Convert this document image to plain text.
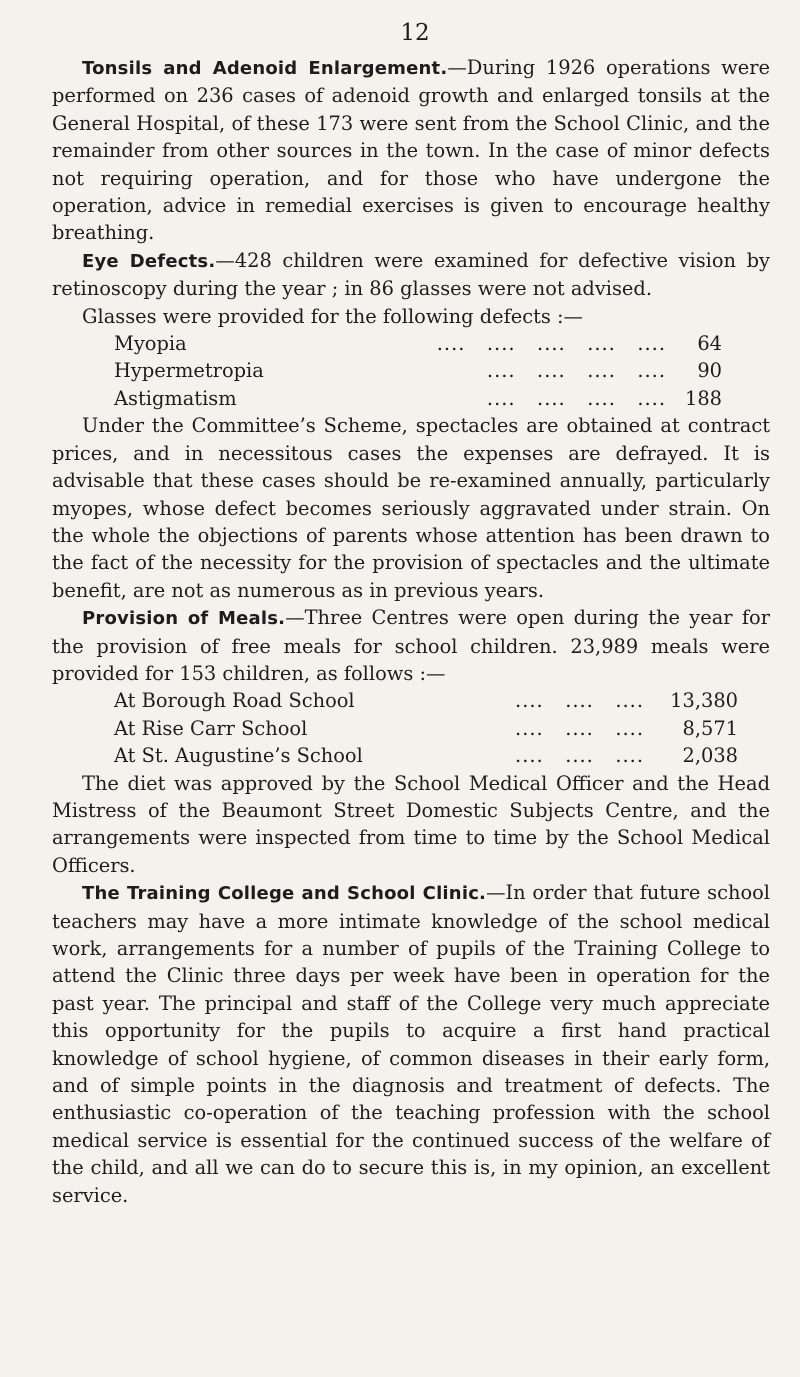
12

Tonsils and Adenoid Enlargement.—During 1926 operations were performed on 236 cases of adenoid growth and enlarged tonsils at the General Hospital, of these 173 were sent from the School Clinic, and the remainder from other sources in the town. In the case of minor defects not requiring operation, and for those who have undergone the operation, advice in remedial exercises is given to encourage healthy breathing.

Eye Defects.—428 children were examined for defective vision by retinoscopy during the year ; in 86 glasses were not advised.

Glasses were provided for the following defects :—

Myopia	....   ....   ....   ....   ....	64
Hypermetropia	....   ....   ....   ....	90
Astigmatism	....   ....   ....   .... 188

Under the Committee’s Scheme, spectacles are obtained at contract prices, and in necessitous cases the expenses are defrayed. It is advisable that these cases should be re-examined annually, particularly myopes, whose defect becomes seriously aggravated under strain. On the whole the objections of parents whose attention has been drawn to the fact of the necessity for the provision of spectacles and the ultimate benefit, are not as numerous as in previous years.

Provision of Meals.—Three Centres were open during the year for the provision of free meals for school children. 23,989 meals were provided for 153 children, as follows :—

At Borough Road School	....   ....   ....	13,380
At Rise Carr School	....   ....   ....	8,571
At St. Augustine’s School	....   ....   ....	2,038

The diet was approved by the School Medical Officer and the Head Mistress of the Beaumont Street Domestic Subjects Centre, and the arrangements were inspected from time to time by the School Medical Officers.

The Training College and School Clinic.—In order that future school teachers may have a more intimate knowledge of the school medical work, arrangements for a number of pupils of the Training College to attend the Clinic three days per week have been in operation for the past year. The principal and staff of the College very much appreciate this opportunity for the pupils to acquire a first hand practical knowledge of school hygiene, of common diseases in their early form, and of simple points in the diagnosis and treatment of defects. The enthusiastic co-operation of the teaching profession with the school medical service is essential for the continued success of the welfare of the child, and all we can do to secure this is, in my opinion, an excellent service.
